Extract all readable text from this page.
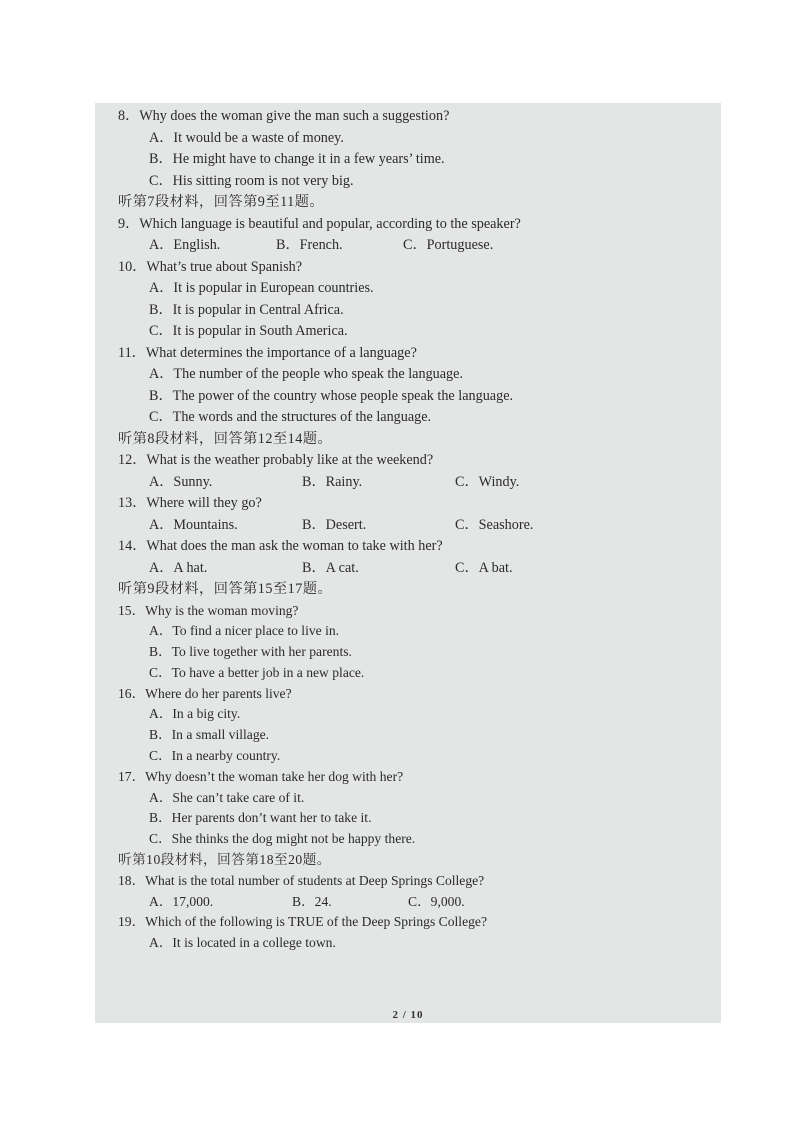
8．Why does the woman give the man such a suggestion?
A．It would be a waste of money.
B．He might have to change it in a few years’ time.
C．His sitting room is not very big.
听第7段材料，回答第9至11题。
9．Which language is beautiful and popular, according to the speaker?
A．English.	B．French.	C．Portuguese.
10．What’s true about Spanish?
A．It is popular in European countries.
B．It is popular in Central Africa.
C．It is popular in South America.
11．What determines the importance of a language?
A．The number of the people who speak the language.
B．The power of the country whose people speak the language.
C．The words and the structures of the language.
听第8段材料，回答第12至14题。
12．What is the weather probably like at the weekend?
A．Sunny.	B．Rainy.	C．Windy.
13．Where will they go?
A．Mountains.	B．Desert.	C．Seashore.
14．What does the man ask the woman to take with her?
A．A hat.	B．A cat.	C．A bat.
听第9段材料，回答第15至17题。
15．Why is the woman moving?
A．To find a nicer place to live in.
B．To live together with her parents.
C．To have a better job in a new place.
16．Where do her parents live?
A．In a big city.
B．In a small village.
C．In a nearby country.
17．Why doesn’t the woman take her dog with her?
A．She can’t take care of it.
B．Her parents don’t want her to take it.
C．She thinks the dog might not be happy there.
听第10段材料，回答第18至20题。
18．What is the total number of students at Deep Springs College?
A．17,000.	B．24.	C．9,000.
19．Which of the following is TRUE of the Deep Springs College?
A．It is located in a college town.
2 / 10
